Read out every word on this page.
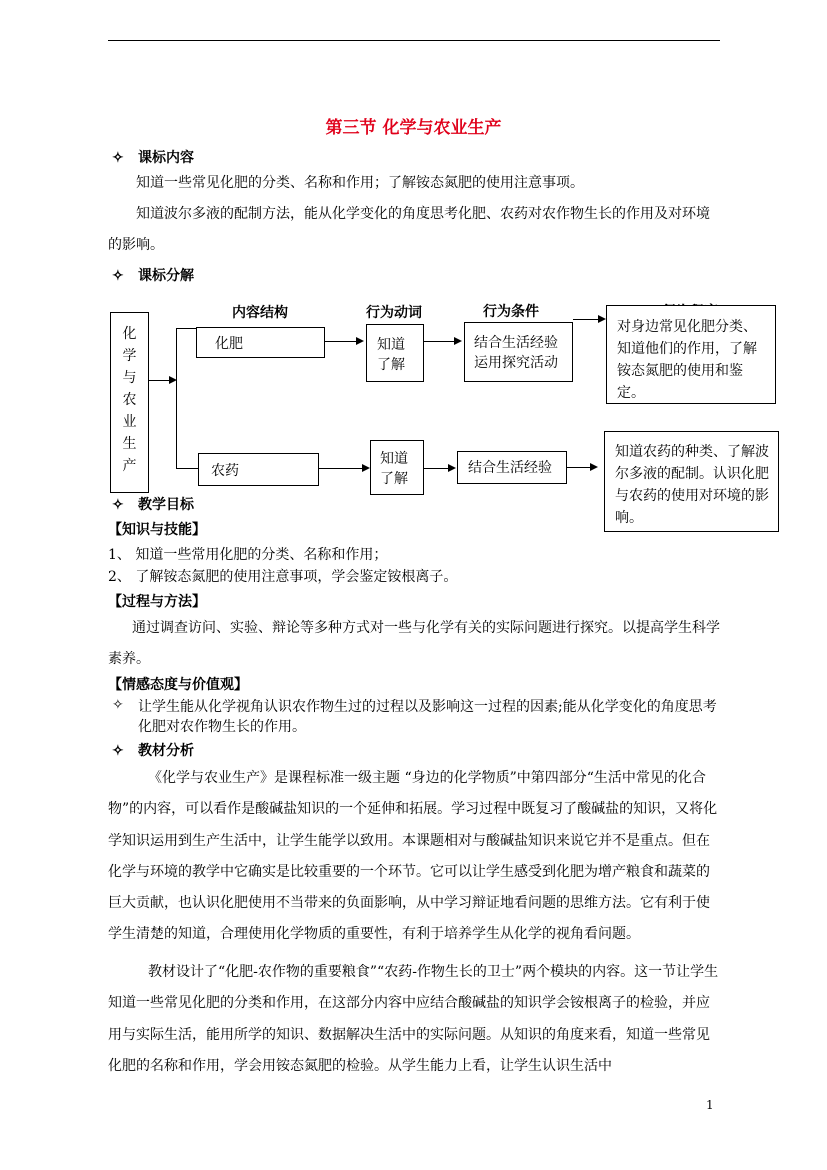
第三节 化学与农业生产
✧ 课标内容
知道一些常见化肥的分类、名称和作用；了解铵态氮肥的使用注意事项。
知道波尔多液的配制方法，能从化学变化的角度思考化肥、农药对农作物生长的作用及对环境的影响。
✧ 课标分解
内容结构	行为动词	行为条件
化
学
与
农
业
生
产
化肥	知道
了解
结合生活经验
运用探究活动
对身边常见化肥分类、知道他们的作用，了解铵态氮肥的使用和鉴定。
农药
知道
了解
结合生活经验
知道农药的种类、了解波尔多液的配制。认识化肥与农药的使用对环境的影响。
✧ 教学目标
【知识与技能】
1、 知道一些常用化肥的分类、名称和作用；
2、 了解铵态氮肥的使用注意事项，学会鉴定铵根离子。
【过程与方法】
通过调查访问、实验、辩论等多种方式对一些与化学有关的实际问题进行探究。以提高学生科学素养。
【情感态度与价值观】
✧	让学生能从化学视角认识农作物生过的过程以及影响这一过程的因素;能从化学变化的角度思考化肥对农作物生长的作用。
✧ 教材分析
《化学与农业生产》是课程标准一级主题 “身边的化学物质”中第四部分“生活中常见的化合物”的内容，可以看作是酸碱盐知识的一个延伸和拓展。学习过程中既复习了酸碱盐的知识，又将化学知识运用到生产生活中，让学生能学以致用。本课题相对与酸碱盐知识来说它并不是重点。但在化学与环境的教学中它确实是比较重要的一个环节。它可以让学生感受到化肥为增产粮食和蔬菜的巨大贡献，也认识化肥使用不当带来的负面影响，从中学习辩证地看问题的思维方法。它有利于使学生清楚的知道，合理使用化学物质的重要性，有利于培养学生从化学的视角看问题。
教材设计了“化肥-农作物的重要粮食”“农药-作物生长的卫士”两个模块的内容。这一节让学生知道一些常见化肥的分类和作用，在这部分内容中应结合酸碱盐的知识学会铵根离子的检验，并应用与实际生活，能用所学的知识、数据解决生活中的实际问题。从知识的角度来看，知道一些常见化肥的名称和作用，学会用铵态氮肥的检验。从学生能力上看，让学生认识生活中
1
